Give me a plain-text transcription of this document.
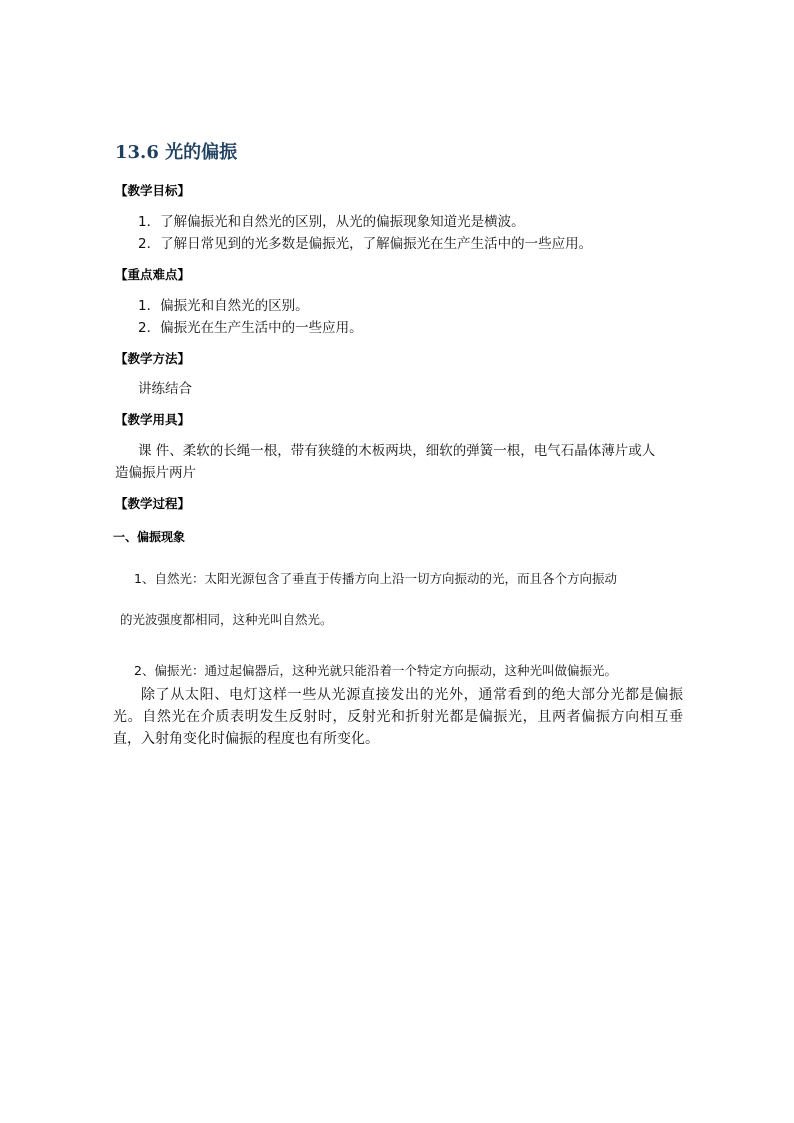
13.6 光的偏振
【教学目标】
1．了解偏振光和自然光的区别，从光的偏振现象知道光是横波。
2．了解日常见到的光多数是偏振光，了解偏振光在生产生活中的一些应用。
【重点难点】
1．偏振光和自然光的区别。
2．偏振光在生产生活中的一些应用。
【教学方法】
讲练结合
【教学用具】
课 件、柔软的长绳一根，带有狭缝的木板两块，细软的弹簧一根，电气石晶体薄片或人
造偏振片两片
【教学过程】
一、偏振现象
1、自然光：太阳光源包含了垂直于传播方向上沿一切方向振动的光，而且各个方向振动
的光波强度都相同，这种光叫自然光。
2、偏振光：通过起偏器后，这种光就只能沿着一个特定方向振动，这种光叫做偏振光。

除了从太阳、电灯这样一些从光源直接发出的光外，通常看到的绝大部分光都是偏振光。自然光在介质表明发生反射时，反射光和折射光都是偏振光，且两者偏振方向相互垂直，入射角变化时偏振的程度也有所变化。
